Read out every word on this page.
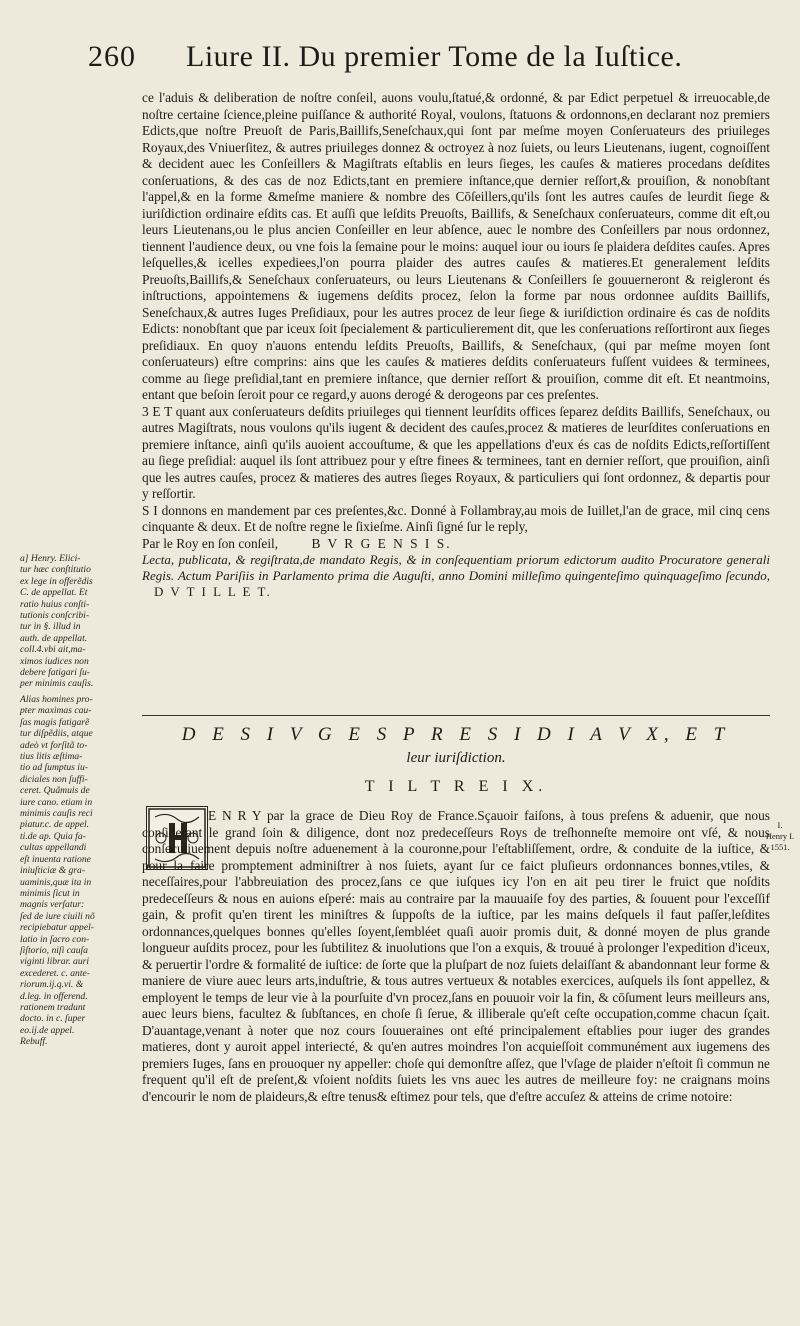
260	Liure II. Du premier Tome de la Iuſtice.
a] Henry. Elici-
tur hæc conſtitutio
ex lege in offerẽdis
C. de appellat. Et
ratio huius conſti-
tutionis conſcribi-
tur in §. illud in
auth. de appellat.
coll.4.vbi ait,ma-
ximos iudices non
debere fatigari ſu-
per minimis cauſis.
Alias homines pro-
pter maximas cau-
ſas magis fatigarẽ
tur diſpẽdiis, atque
adeò vt forſitã to-
tius litis æſtima-
tio ad ſumptus iu-
diciales non ſuffi-
ceret. Quãmuis de
iure cano. etiam in
minimis cauſis reci
piatur.c. de appel.
ti.de ap. Quia fa-
cultas appellandi
eſt inuenta ratione
iniuſticiæ & gra-
uaminis,quæ ita in
minimis ſicut in
magnis verſatur:
ſed de iure ciuili nõ
recipiebatur appel-
latio in ſacro con-
ſiſtorio, niſi cauſa
viginti librar. auri
excederet. c. ante-
riorum.ij.q.vi. &
d.leg. in offerend.
rationem tradunt
docto. in c. ſuper
eo.ij.de appel.
Rebuff.
I.
Henry I.
1551.

ce l'aduis & deliberation de noſtre conſeil, auons voulu,ſtatué,& ordonné, & par Edict perpetuel & irreuocable,de noſtre certaine ſcience,pleine puiſſance & authorité Royal, voulons, ſtatuons & ordonnons,en declarant noz premiers Edicts,que noſtre Preuoſt de Paris,Baillifs,Seneſchaux,qui ſont par meſme moyen Conſeruateurs des priuileges Royaux,des Vniuerſitez, & autres priuileges donnez & octroyez à noz ſuiets, ou leurs Lieutenans, iugent, cognoiſſent & decident auec les Conſeillers & Magiſtrats eſtablis en leurs ſieges, les cauſes & matieres procedans deſdites conſeruations, & des cas de noz Edicts,tant en premiere inſtance,que dernier reſſort,& prouiſion, & nonobſtant l'appel,& en la forme &meſme maniere & nombre des Cōſeillers,qu'ils ſont les autres cauſes de leurdit ſiege & iuriſdiction ordinaire eſdits cas. Et auſſi que leſdits Preuoſts, Baillifs, & Seneſchaux conſeruateurs, comme dit eſt,ou leurs Lieutenans,ou le plus ancien Conſeiller en leur abſence, auec le nombre des Conſeillers par nous ordonnez, tiennent l'audience deux, ou vne fois la ſemaine pour le moins: auquel iour ou iours ſe plaidera deſdites cauſes. Apres leſquelles,& icelles expediees,l'on pourra plaider des autres cauſes & matieres.Et generalement leſdits Preuoſts,Baillifs,& Seneſchaux conſeruateurs, ou leurs Lieutenans & Conſeillers ſe gouuerneront & reigleront és inſtructions, appointemens & iugemens deſdits procez, ſelon la forme par nous ordonnee auſdits Baillifs, Seneſchaux,& autres Iuges Preſidiaux, pour les autres procez de leur ſiege & iuriſdiction ordinaire és cas de noſdits Edicts: nonobſtant que par iceux ſoit ſpecialement & particulierement dit, que les conſeruations reſſortiront aux ſieges preſidiaux. En quoy n'auons entendu leſdits Preuoſts, Baillifs, & Seneſchaux, (qui par meſme moyen ſont conſeruateurs) eſtre comprins: ains que les cauſes & matieres deſdits conſeruateurs fuſſent vuidees & terminees, comme au ſiege preſidial,tant en premiere inſtance, que dernier reſſort & prouiſion, comme dit eſt. Et neantmoins, entant que beſoin ſeroit pour ce regard,y auons derogé & derogeons par ces preſentes.

3 E T quant aux conſeruateurs deſdits priuileges qui tiennent leurſdits offices ſeparez deſdits Baillifs, Seneſchaux, ou autres Magiſtrats, nous voulons qu'ils iugent & decident des cauſes,procez & matieres de leurſdites conſeruations en premiere inſtance, ainſi qu'ils auoient accouſtume, & que les appellations d'eux és cas de noſdits Edicts,reſſortiſſent au ſiege preſidial: auquel ils ſont attribuez pour y eſtre finees & terminees, tant en dernier reſſort, que prouiſion, ainſi que les autres cauſes, procez & matieres des autres ſieges Royaux, & particuliers qui ſont ordonnez, & departis pour y reſſortir.

S I donnons en mandement par ces preſentes,&c. Donné à Follambray,au mois de Iuillet,l'an de grace, mil cinq cens cinquante & deux. Et de noſtre regne le ſixieſme. Ainſi ſigné ſur le reply,

Par le Roy en ſon conſeil, B V R G E N S I S.

Lecta, publicata, & regiſtrata,de mandato Regis, & in conſequentiam priorum edictorum audito Procuratore generali Regis. Actum Pariſiis in Parlamento prima die Auguſti, anno Domini milleſimo quingenteſimo quinquageſimo ſecundo, D V T I L L E T.

D E S I V G E S P R E S I D I A V X, E T
leur iuriſdiction.
T I L T R E I X.

E N R Y par la grace de Dieu Roy de France.Sçauoir faiſons, à tous preſens & aduenir, que nous conſiderant le grand ſoin & diligence, dont noz predeceſſeurs Roys de treſhonneſte memoire ont vſé, & nous conſecutiuement depuis noſtre aduenement à la couronne,pour l'eſtabliſſement, ordre, & conduite de la iuſtice, & pour la faire promptement adminiſtrer à nos ſuiets, ayant ſur ce faict pluſieurs ordonnances bonnes,vtiles, & neceſſaires,pour l'abbreuiation des procez,ſans ce que iuſques icy l'on en ait peu tirer le fruict que noſdits predeceſſeurs & nous en auions eſperé: mais au contraire par la mauuaiſe foy des parties, & ſouuent pour l'exceſſif gain, & profit qu'en tirent les miniſtres & ſuppoſts de la iuſtice, par les mains deſquels il faut paſſer,leſdites ordonnances,quelques bonnes qu'elles ſoyent,ſembléet quaſi auoir promis duit, & donné moyen de plus grande longueur auſdits procez, pour les ſubtilitez & inuolutions que l'on a exquis, & trouué à prolonger l'expedition d'iceux, & peruertir l'ordre & formalité de iuſtice: de ſorte que la pluſpart de noz ſuiets delaiſſant & abandonnant leur forme & maniere de viure auec leurs arts,induſtrie, & tous autres vertueux & notables exercices, auſquels ils ſont appellez, & employent le temps de leur vie à la pourſuite d'vn procez,ſans en pouuoir voir la fin, & cōſument leurs meilleurs ans, auec leurs biens, facultez & ſubſtances, en choſe ſi ſerue, & illiberale qu'eſt ceſte occupation,comme chacun ſçait. D'auantage,venant à noter que noz cours ſouueraines ont eſté principalement eſtablies pour iuger des grandes matieres, dont y auroit appel interiecté, & qu'en autres moindres l'on acquieſſoit communément aux iugemens des premiers Iuges, ſans en prouoquer ny appeller: choſe qui demonſtre aſſez, que l'vſage de plaider n'eſtoit ſi commun ne frequent qu'il eſt de preſent,& vſoient noſdits ſuiets les vns auec les autres de meilleure foy: ne craignans moins d'encourir le nom de plaideurs,& eſtre tenus& eſtimez pour tels, que d'eſtre accuſez & atteins de crime notoire:
